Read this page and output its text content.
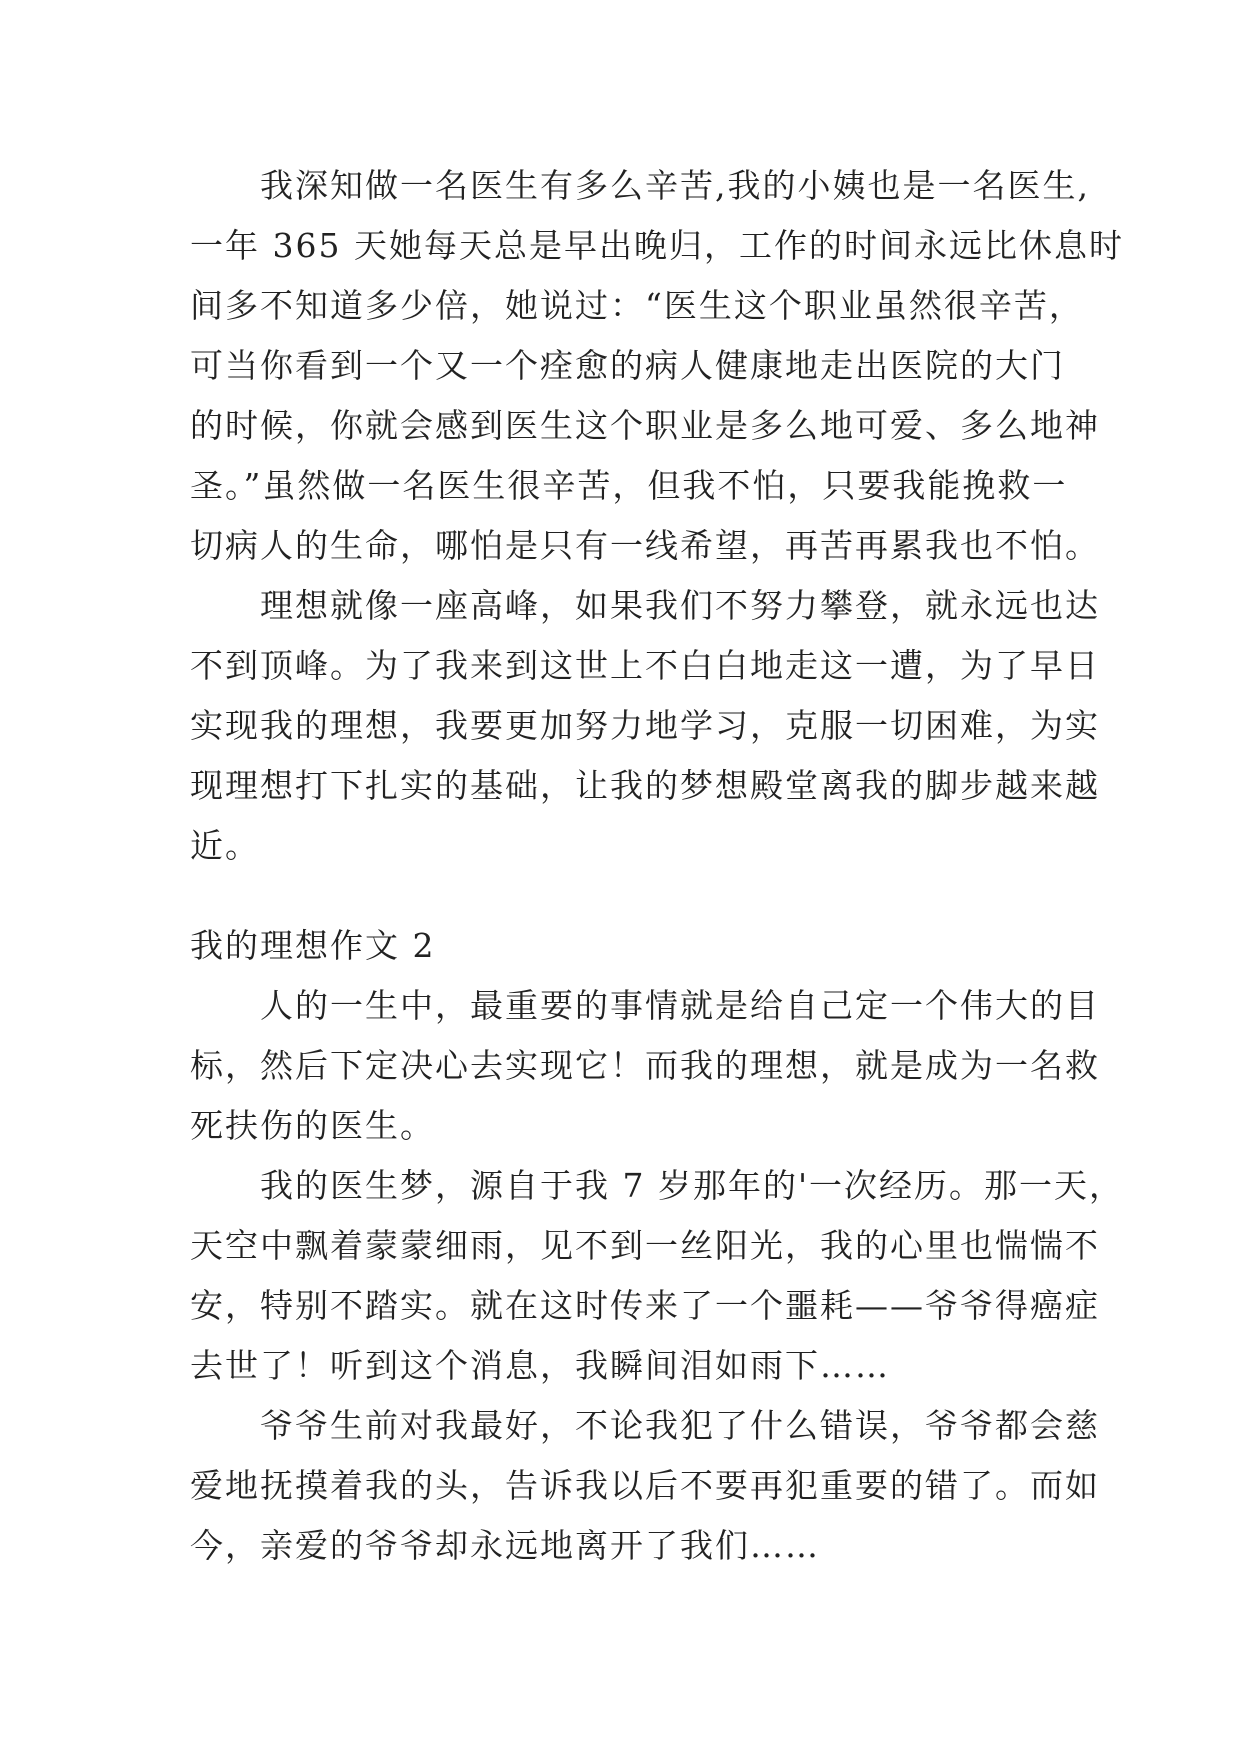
　　我深知做一名医生有多么辛苦,我的小姨也是一名医生,
一年 365 天她每天总是早出晚归，工作的时间永远比休息时
间多不知道多少倍，她说过：“医生这个职业虽然很辛苦，
可当你看到一个又一个痊愈的病人健康地走出医院的大门
的时候，你就会感到医生这个职业是多么地可爱、多么地神
圣。”虽然做一名医生很辛苦，但我不怕，只要我能挽救一
切病人的生命，哪怕是只有一线希望，再苦再累我也不怕。
　　理想就像一座高峰，如果我们不努力攀登，就永远也达
不到顶峰。为了我来到这世上不白白地走这一遭，为了早日
实现我的理想，我要更加努力地学习，克服一切困难，为实
现理想打下扎实的基础，让我的梦想殿堂离我的脚步越来越
近。
我的理想作文 2
　　人的一生中，最重要的事情就是给自己定一个伟大的目
标，然后下定决心去实现它！而我的理想，就是成为一名救
死扶伤的医生。
　　我的医生梦，源自于我 7 岁那年的'一次经历。那一天，
天空中飘着蒙蒙细雨，见不到一丝阳光，我的心里也惴惴不
安，特别不踏实。就在这时传来了一个噩耗——爷爷得癌症
去世了！听到这个消息，我瞬间泪如雨下……
　　爷爷生前对我最好，不论我犯了什么错误，爷爷都会慈
爱地抚摸着我的头，告诉我以后不要再犯重要的错了。而如
今，亲爱的爷爷却永远地离开了我们……
